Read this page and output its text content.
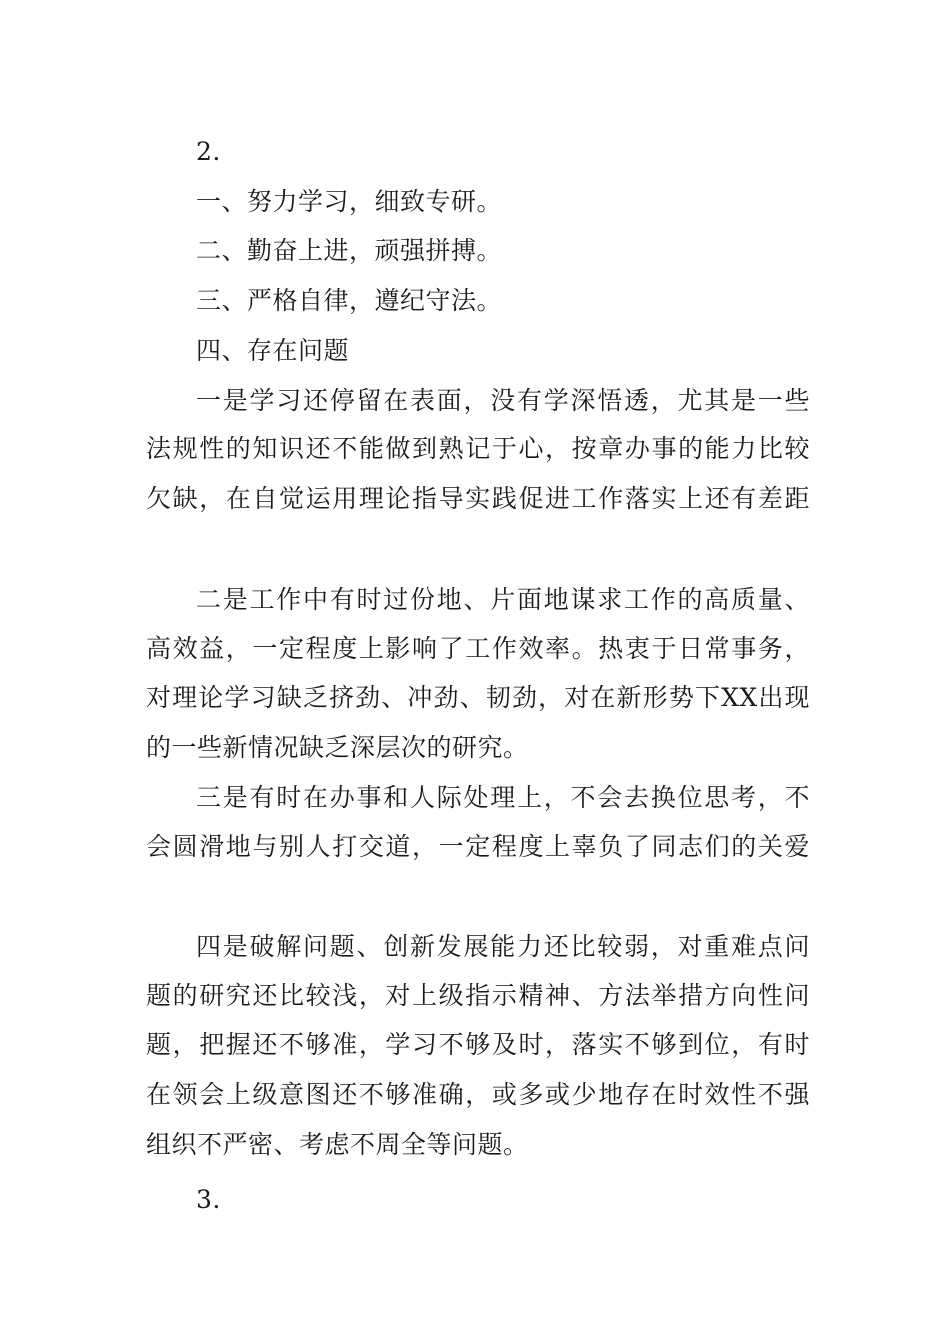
2.
一、努力学习，细致专研。
二、勤奋上进，顽强拼搏。
三、严格自律，遵纪守法。
四、存在问题
一是学习还停留在表面，没有学深悟透，尤其是一些
法规性的知识还不能做到熟记于心，按章办事的能力比较
欠缺，在自觉运用理论指导实践促进工作落实上还有差距
二是工作中有时过份地、片面地谋求工作的高质量、
高效益，一定程度上影响了工作效率。热衷于日常事务，
对理论学习缺乏挤劲、冲劲、韧劲，对在新形势下XX出现
的一些新情况缺乏深层次的研究。
三是有时在办事和人际处理上，不会去换位思考，不
会圆滑地与别人打交道，一定程度上辜负了同志们的关爱
四是破解问题、创新发展能力还比较弱，对重难点问
题的研究还比较浅，对上级指示精神、方法举措方向性问
题，把握还不够准，学习不够及时，落实不够到位，有时
在领会上级意图还不够准确，或多或少地存在时效性不强
组织不严密、考虑不周全等问题。
3.
